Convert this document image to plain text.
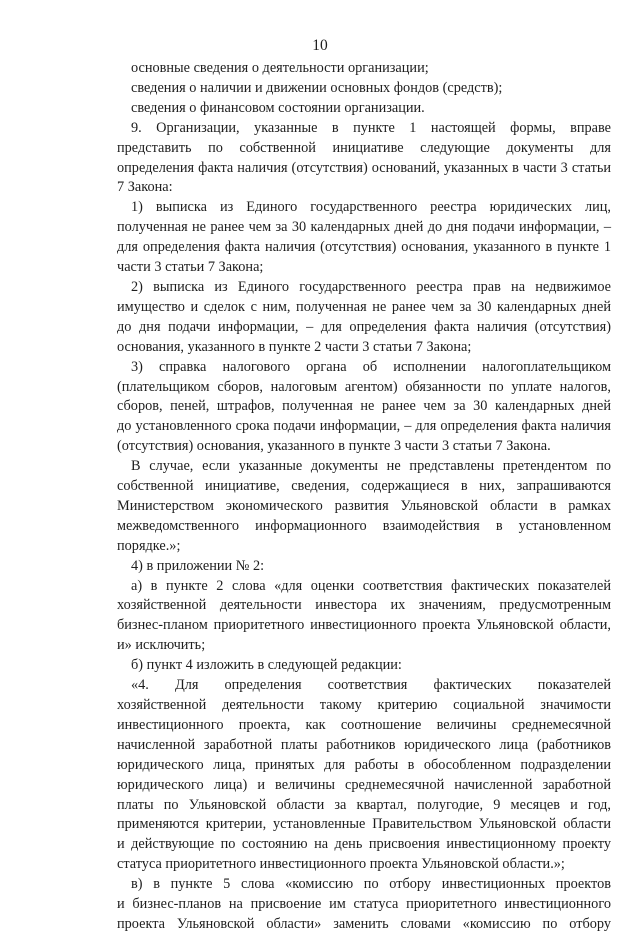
10
основные сведения о деятельности организации;
сведения о наличии и движении основных фондов (средств);
сведения о финансовом состоянии организации.
9. Организации, указанные в пункте 1 настоящей формы, вправе
представить по собственной инициативе следующие документы для
определения факта наличия (отсутствия) оснований, указанных в части 3 статьи
7 Закона:
1) выписка из Единого государственного реестра юридических лиц,
полученная не ранее чем за 30 календарных дней до дня подачи информации, –
для определения факта наличия (отсутствия) основания, указанного в пункте 1
части 3 статьи 7 Закона;
2) выписка из Единого государственного реестра прав на недвижимое
имущество и сделок с ним, полученная не ранее чем за 30 календарных дней
до дня подачи информации, – для определения факта наличия (отсутствия)
основания, указанного в пункте 2 части 3 статьи 7 Закона;
3) справка налогового органа об исполнении налогоплательщиком
(плательщиком сборов, налоговым агентом) обязанности по уплате налогов,
сборов, пеней, штрафов, полученная не ранее чем за 30 календарных дней
до установленного срока подачи информации, – для определения факта наличия
(отсутствия) основания, указанного в пункте 3 части 3 статьи 7 Закона.
В случае, если указанные документы не представлены претендентом по
собственной инициативе, сведения, содержащиеся в них, запрашиваются
Министерством экономического развития Ульяновской области в рамках
межведомственного информационного взаимодействия в установленном
порядке.»;
4) в приложении № 2:
а) в пункте 2 слова «для оценки соответствия фактических показателей
хозяйственной деятельности инвестора их значениям, предусмотренным
бизнес-планом приоритетного инвестиционного проекта Ульяновской области,
и» исключить;
б) пункт 4 изложить в следующей редакции:
«4. Для определения соответствия фактических показателей
хозяйственной деятельности такому критерию социальной значимости
инвестиционного проекта, как соотношение величины среднемесячной
начисленной заработной платы работников юридического лица (работников
юридического лица, принятых для работы в обособленном подразделении
юридического лица) и величины среднемесячной начисленной заработной
платы по Ульяновской области за квартал, полугодие, 9 месяцев и год,
применяются критерии, установленные Правительством Ульяновской области
и действующие по состоянию на день присвоения инвестиционному проекту
статуса приоритетного инвестиционного проекта Ульяновской области.»;
в) в пункте 5 слова «комиссию по отбору инвестиционных проектов
и бизнес-планов на присвоение им статуса приоритетного инвестиционного
проекта Ульяновской области» заменить словами «комиссию по отбору
